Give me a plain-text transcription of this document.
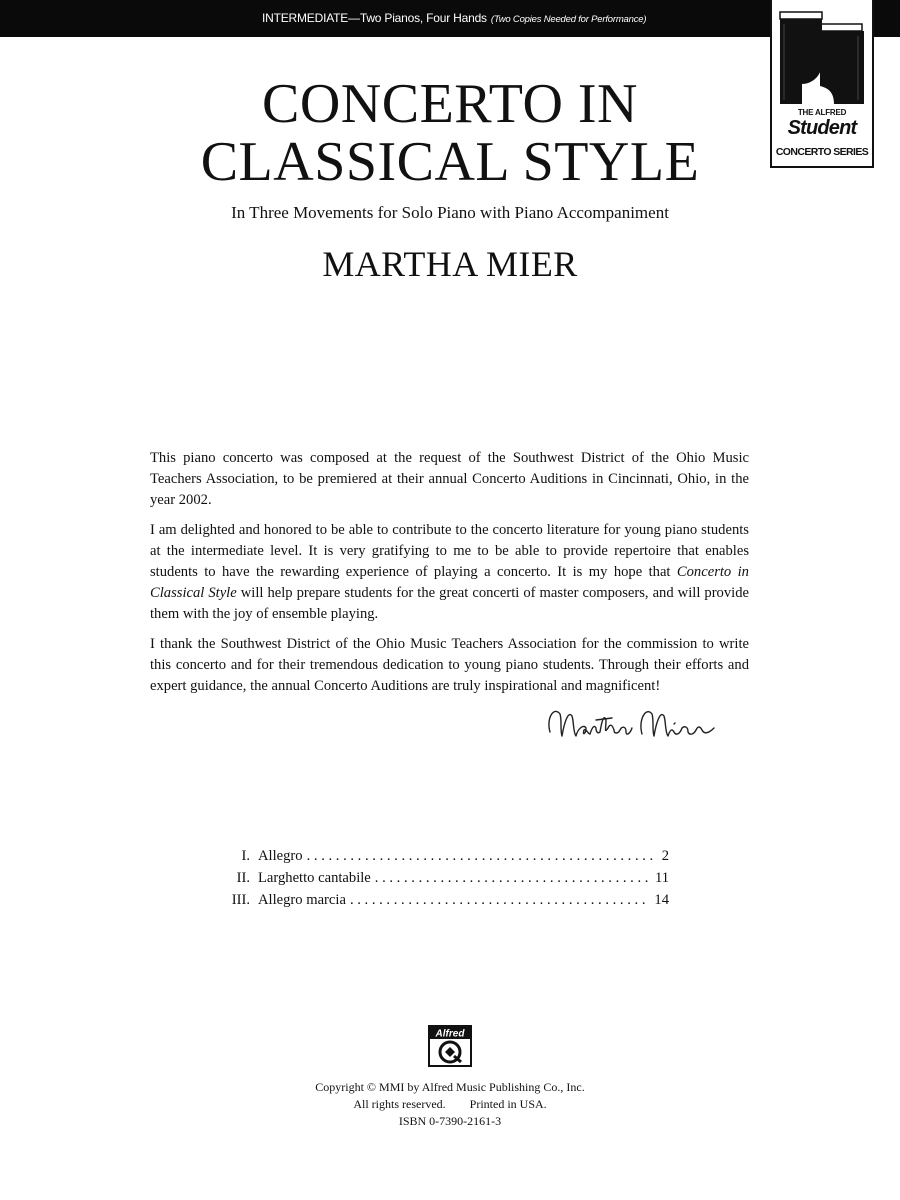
INTERMEDIATE—Two Pianos, Four Hands (Two Copies Needed for Performance)
THE ALFRED
Student
CONCERTO SERIES
CONCERTO IN
CLASSICAL STYLE
In Three Movements for Solo Piano with Piano Accompaniment
MARTHA MIER

This piano concerto was composed at the request of the Southwest District of the Ohio Music Teachers Association, to be premiered at their annual Concerto Auditions in Cincinnati, Ohio, in the year 2002.

I am delighted and honored to be able to contribute to the concerto literature for young piano students at the intermediate level. It is very gratifying to me to be able to provide repertoire that enables students to have the rewarding experience of playing a concerto. It is my hope that Concerto in Classical Style will help prepare students for the great concerti of master composers, and will provide them with the joy of ensemble playing.

I thank the Southwest District of the Ohio Music Teachers Association for the commission to write this concerto and for their tremendous dedication to young piano students. Through their efforts and expert guidance, the annual Concerto Auditions are truly inspirational and magnificent!

I. Allegro . . .	2
II. Larghetto cantabile . . .	11
III. Allegro marcia . . .	14
Alfred
Copyright © MMI by Alfred Music Publishing Co., Inc.
All rights reserved.        Printed in USA.
ISBN 0-7390-2161-3
